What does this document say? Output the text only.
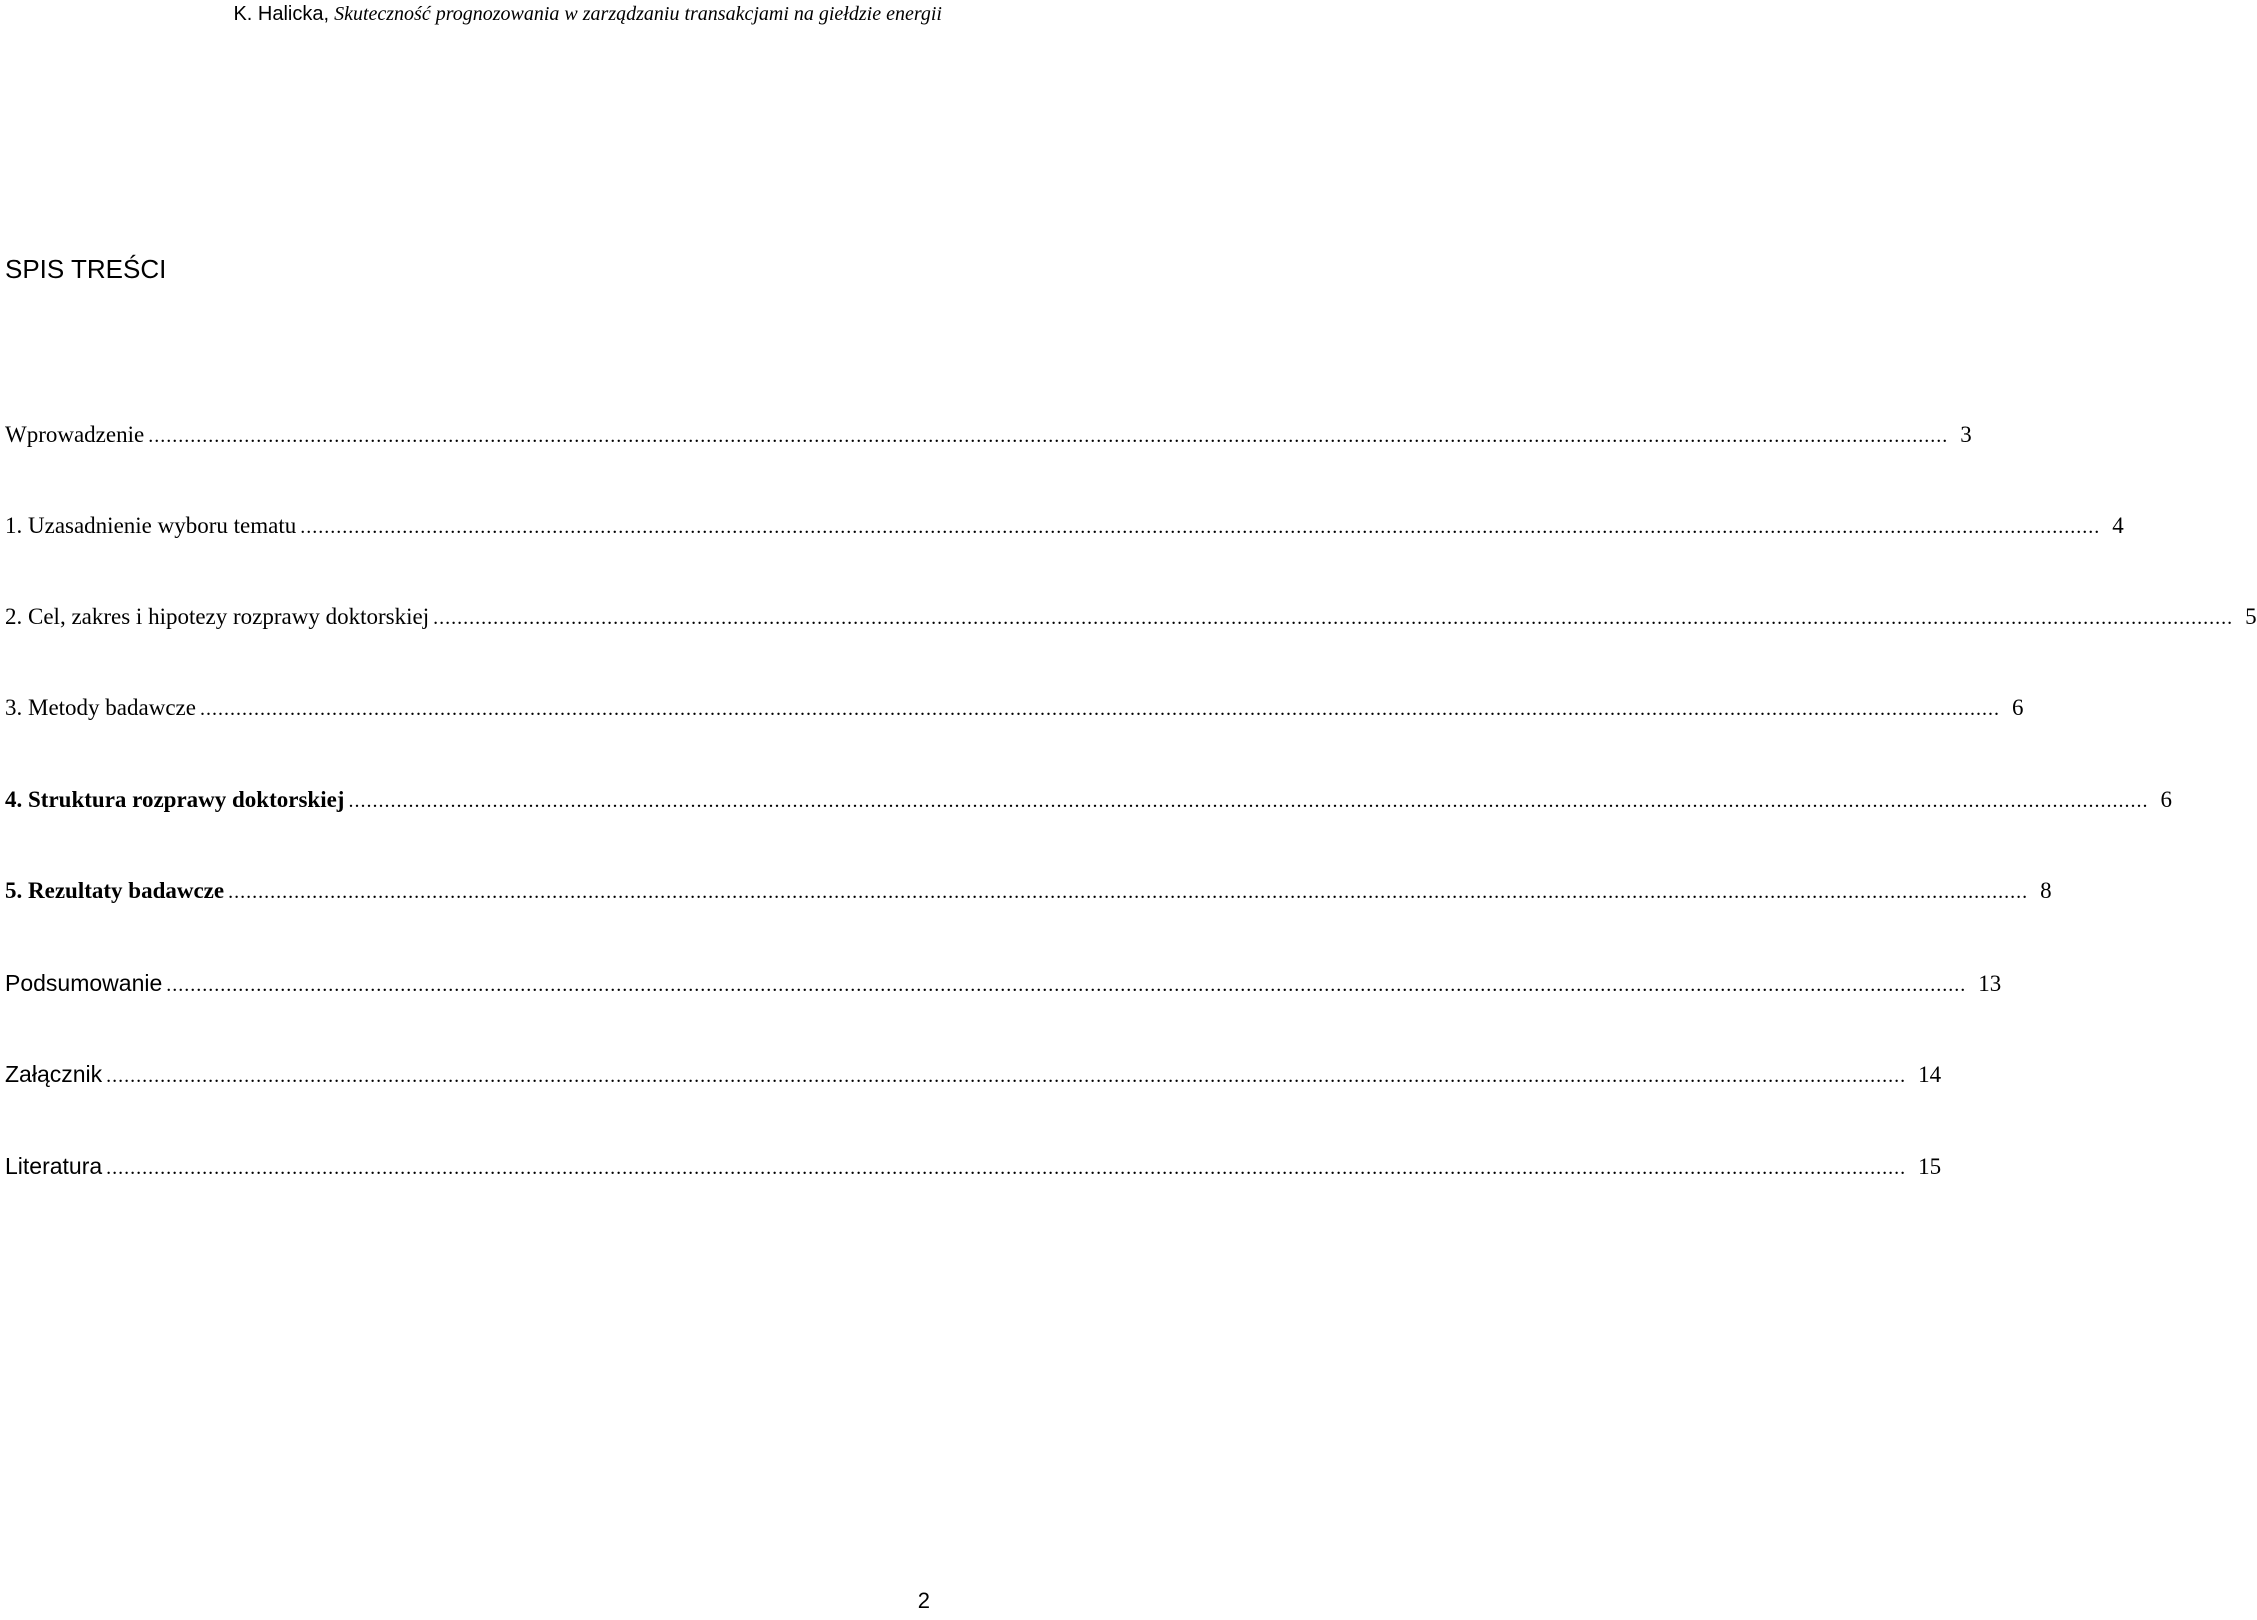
K. Halicka, Skuteczność prognozowania w zarządzaniu transakcjami na giełdzie energii
SPIS TREŚCI
Wprowadzenie ............................................................................................................................................................................................................................................................................................................ 3
1. Uzasadnienie wyboru tematu ............................................................................................................................................................................................................................................................................................................ 4
2. Cel, zakres i hipotezy rozprawy doktorskiej ............................................................................................................................................................................................................................................................................................................ 5
3. Metody badawcze ............................................................................................................................................................................................................................................................................................................ 6
4. Struktura rozprawy doktorskiej ............................................................................................................................................................................................................................................................................................................ 6
5. Rezultaty badawcze ............................................................................................................................................................................................................................................................................................................ 8
Podsumowanie ............................................................................................................................................................................................................................................................................................................ 13
Załącznik ............................................................................................................................................................................................................................................................................................................ 14
Literatura ............................................................................................................................................................................................................................................................................................................ 15
2
